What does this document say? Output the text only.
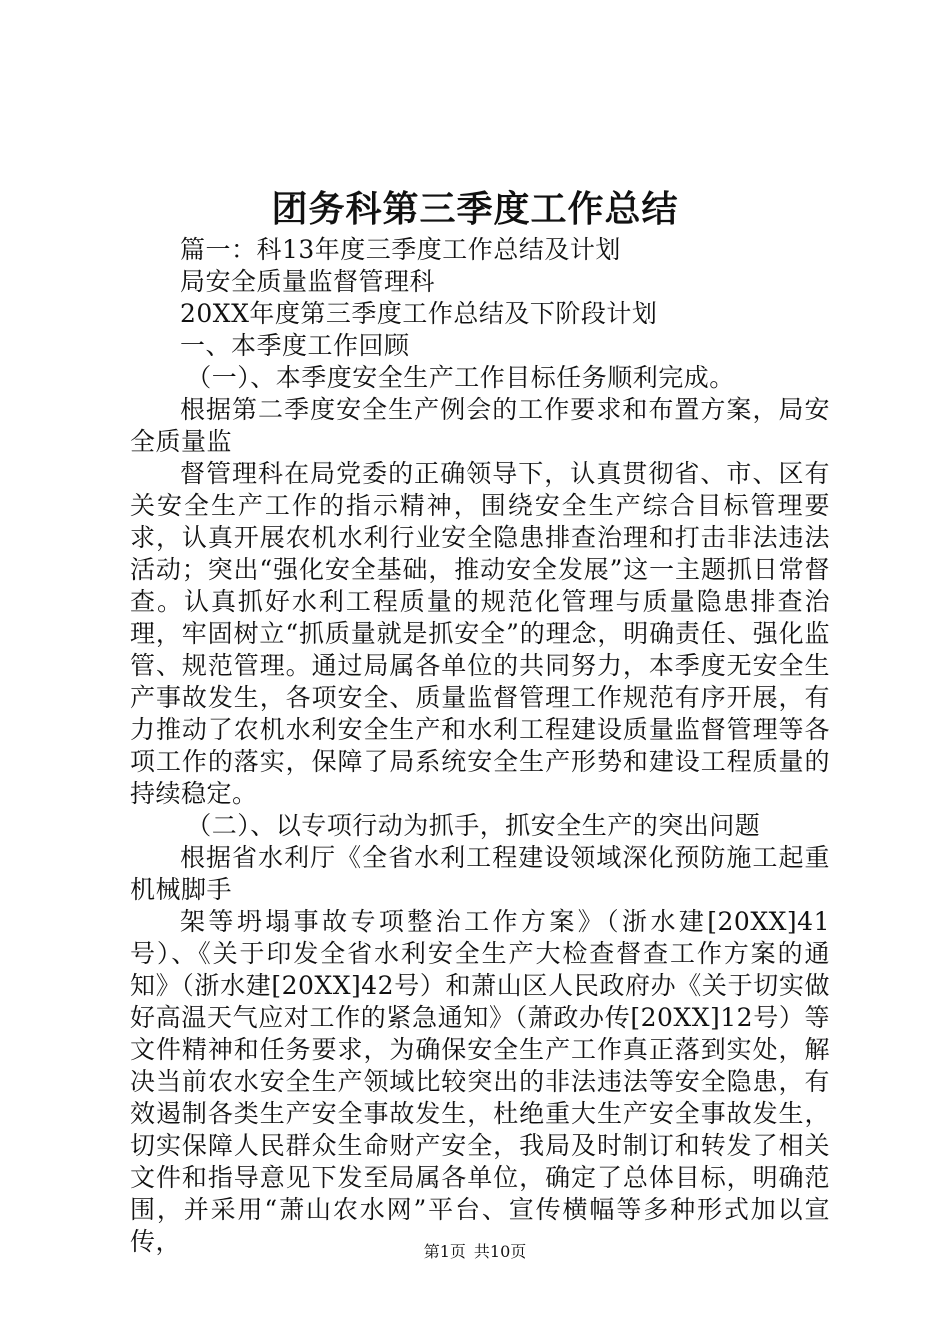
团务科第三季度工作总结

篇一：科13年度三季度工作总结及计划

局安全质量监督管理科

20XX年度第三季度工作总结及下阶段计划

一、本季度工作回顾

（一）、本季度安全生产工作目标任务顺利完成。

根据第二季度安全生产例会的工作要求和布置方案，局安全质量监

督管理科在局党委的正确领导下，认真贯彻省、市、区有关安全生产工作的指示精神，围绕安全生产综合目标管理要求，认真开展农机水利行业安全隐患排查治理和打击非法违法活动；突出“强化安全基础，推动安全发展”这一主题抓日常督查。认真抓好水利工程质量的规范化管理与质量隐患排查治理，牢固树立“抓质量就是抓安全”的理念，明确责任、强化监管、规范管理。通过局属各单位的共同努力，本季度无安全生产事故发生，各项安全、质量监督管理工作规范有序开展，有力推动了农机水利安全生产和水利工程建设质量监督管理等各项工作的落实，保障了局系统安全生产形势和建设工程质量的持续稳定。

（二）、以专项行动为抓手，抓安全生产的突出问题

根据省水利厅《全省水利工程建设领域深化预防施工起重机械脚手

架等坍塌事故专项整治工作方案》（浙水建[20XX]41号）、《关于印发全省水利安全生产大检查督查工作方案的通知》（浙水建[20XX]42号）和萧山区人民政府办《关于切实做好高温天气应对工作的紧急通知》（萧政办传[20XX]12号）等文件精神和任务要求，为确保安全生产工作真正落到实处，解决当前农水安全生产领域比较突出的非法违法等安全隐患，有效遏制各类生产安全事故发生，杜绝重大生产安全事故发生，切实保障人民群众生命财产安全，我局及时制订和转发了相关文件和指导意见下发至局属各单位，确定了总体目标，明确范围，并采用“萧山农水网”平台、宣传横幅等多种形式加以宣传，	第1页 共10页
